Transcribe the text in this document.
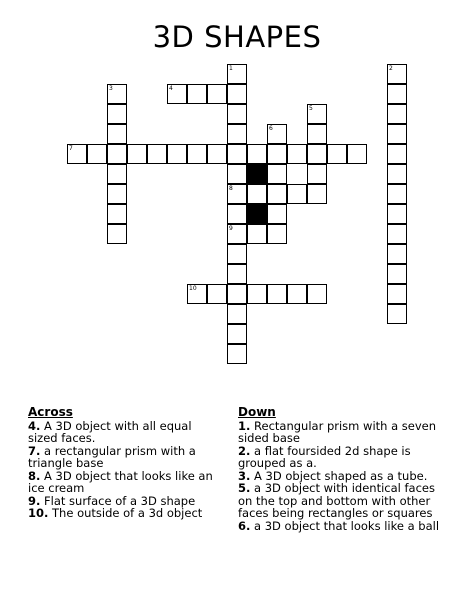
3D SHAPES
1
8
9
2
3	4
5
6
7
10
Across
4. A 3D object with all equal sized faces.
7. a rectangular prism with a triangle base
8. A 3D object that looks like an ice cream
9. Flat surface of a 3D shape
10. The outside of a 3d object
Down
1. Rectangular prism with a seven sided base
2. a flat foursided 2d shape is grouped as a.
3. A 3D object shaped as a tube.
5. a 3D object with identical faces on the top and bottom with other faces being rectangles or squares
6. a 3D object that looks like a ball
